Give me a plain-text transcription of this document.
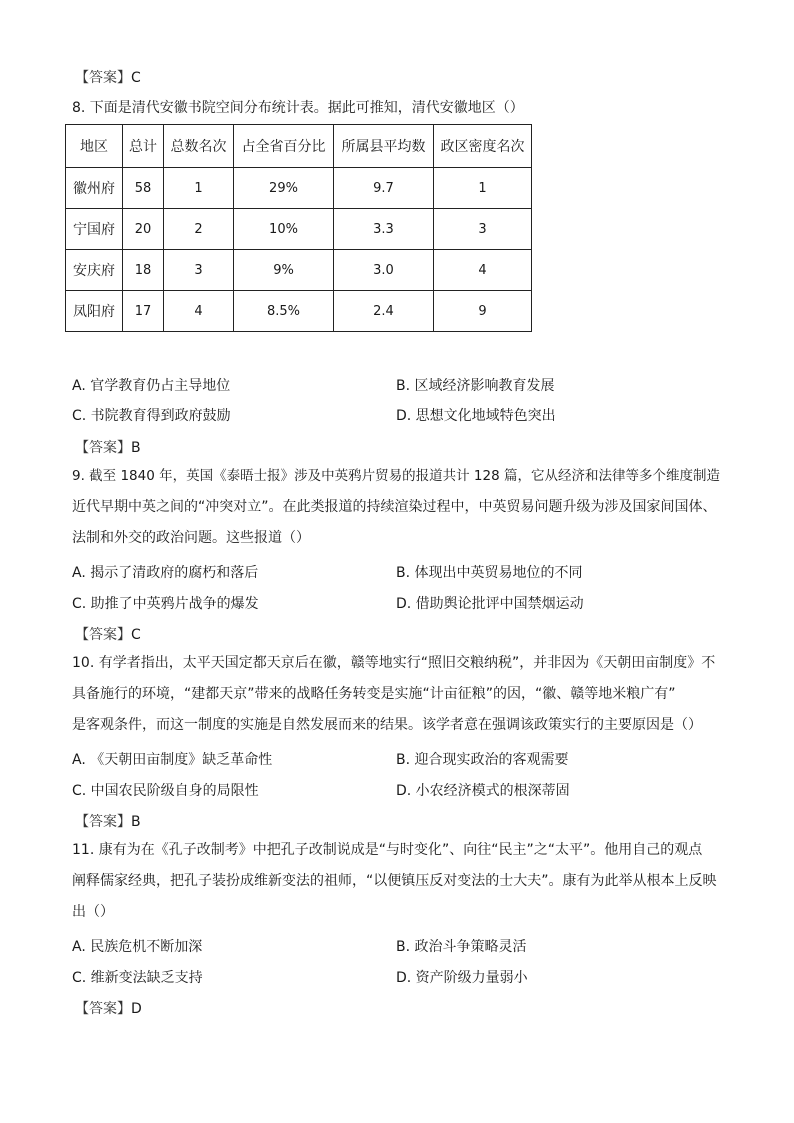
【答案】C
8. 下面是清代安徽书院空间分布统计表。据此可推知，清代安徽地区（）
地区	总计	总数名次	占全省百分比	所属县平均数	政区密度名次
徽州府	58	1	29%	9.7	1
宁国府	20	2	10%	3.3	3
安庆府	18	3	9%	3.0	4
凤阳府	17	4	8.5%	2.4	9
A. 官学教育仍占主导地位	B. 区域经济影响教育发展
C. 书院教育得到政府鼓励	D. 思想文化地域特色突出
【答案】B
9. 截至 1840 年，英国《泰晤士报》涉及中英鸦片贸易的报道共计 128 篇，它从经济和法律等多个维度制造
近代早期中英之间的“冲突对立”。在此类报道的持续渲染过程中，中英贸易问题升级为涉及国家间国体、
法制和外交的政治问题。这些报道（）
A. 揭示了清政府的腐朽和落后	B. 体现出中英贸易地位的不同
C. 助推了中英鸦片战争的爆发	D. 借助舆论批评中国禁烟运动
【答案】C
10. 有学者指出，太平天国定都天京后在徽，赣等地实行“照旧交粮纳税”，并非因为《天朝田亩制度》不
具备施行的环境，“建都天京”带来的战略任务转变是实施“计亩征粮”的因，“徽、赣等地米粮广有”
是客观条件，而这一制度的实施是自然发展而来的结果。该学者意在强调该政策实行的主要原因是（）
A. 《天朝田亩制度》缺乏革命性	B. 迎合现实政治的客观需要
C. 中国农民阶级自身的局限性	D. 小农经济模式的根深蒂固
【答案】B
11. 康有为在《孔子改制考》中把孔子改制说成是“与时变化”、向往“民主”之“太平”。他用自己的观点
阐释儒家经典，把孔子装扮成维新变法的祖师，“以便镇压反对变法的士大夫”。康有为此举从根本上反映
出（）
A. 民族危机不断加深	B. 政治斗争策略灵活
C. 维新变法缺乏支持	D. 资产阶级力量弱小
【答案】D
